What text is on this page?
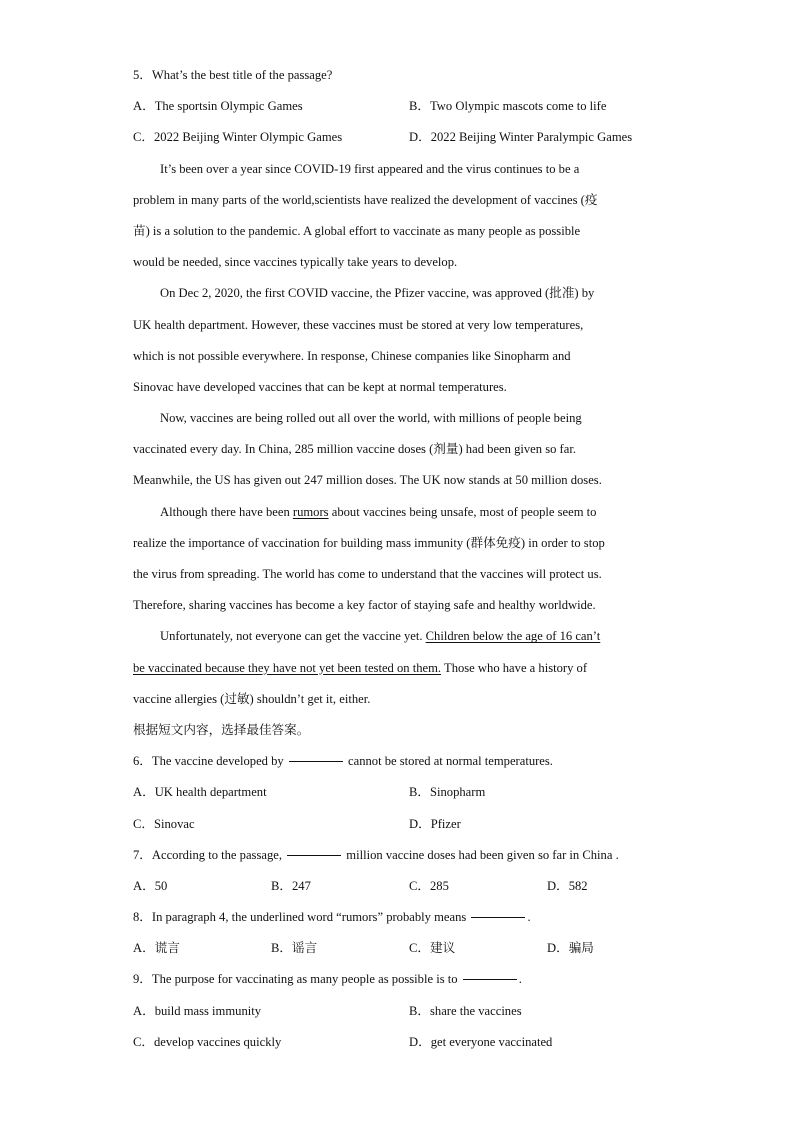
5．What’s the best title of the passage?
A．The sportsin Olympic Games	B．Two Olympic mascots come to life
C．2022 Beijing Winter Olympic Games	D．2022 Beijing Winter Paralympic Games
It’s been over a year since COVID-19 first appeared and the virus continues to be a
problem in many parts of the world,scientists have realized the development of vaccines (疫
苗) is a solution to the pandemic. A global effort to vaccinate as many people as possible
would be needed, since vaccines typically take years to develop.
On Dec 2, 2020, the first COVID vaccine, the Pfizer vaccine, was approved (批准) by
UK health department. However, these vaccines must be stored at very low temperatures,
which is not possible everywhere. In response, Chinese companies like Sinopharm and
Sinovac have developed vaccines that can be kept at normal temperatures.
Now, vaccines are being rolled out all over the world, with millions of people being
vaccinated every day. In China, 285 million vaccine doses (剂量) had been given so far.
Meanwhile, the US has given out 247 million doses. The UK now stands at 50 million doses.
Although there have been rumors about vaccines being unsafe, most of people seem to
realize the importance of vaccination for building mass immunity (群体免疫) in order to stop
the virus from spreading. The world has come to understand that the vaccines will protect us.
Therefore, sharing vaccines has become a key factor of staying safe and healthy worldwide.
Unfortunately, not everyone can get the vaccine yet. Children below the age of 16 can’t
be vaccinated because they have not yet been tested on them. Those who have a history of
vaccine allergies (过敏) shouldn’t get it, either.
根据短文内容，选择最佳答案。
6．The vaccine developed by	cannot be stored at normal temperatures.
A．UK health department	B．Sinopharm
C．Sinovac	D．Pfizer
7．According to the passage,	million vaccine doses had been given so far in China .
A．50	B．247	C．285	D．582
8．In paragraph 4, the underlined word “rumors” probably means	.
A．谎言	B．谣言	C．建议	D．骗局
9．The purpose for vaccinating as many people as possible is to	.
A．build mass immunity	B．share the vaccines
C．develop vaccines quickly	D．get everyone vaccinated
